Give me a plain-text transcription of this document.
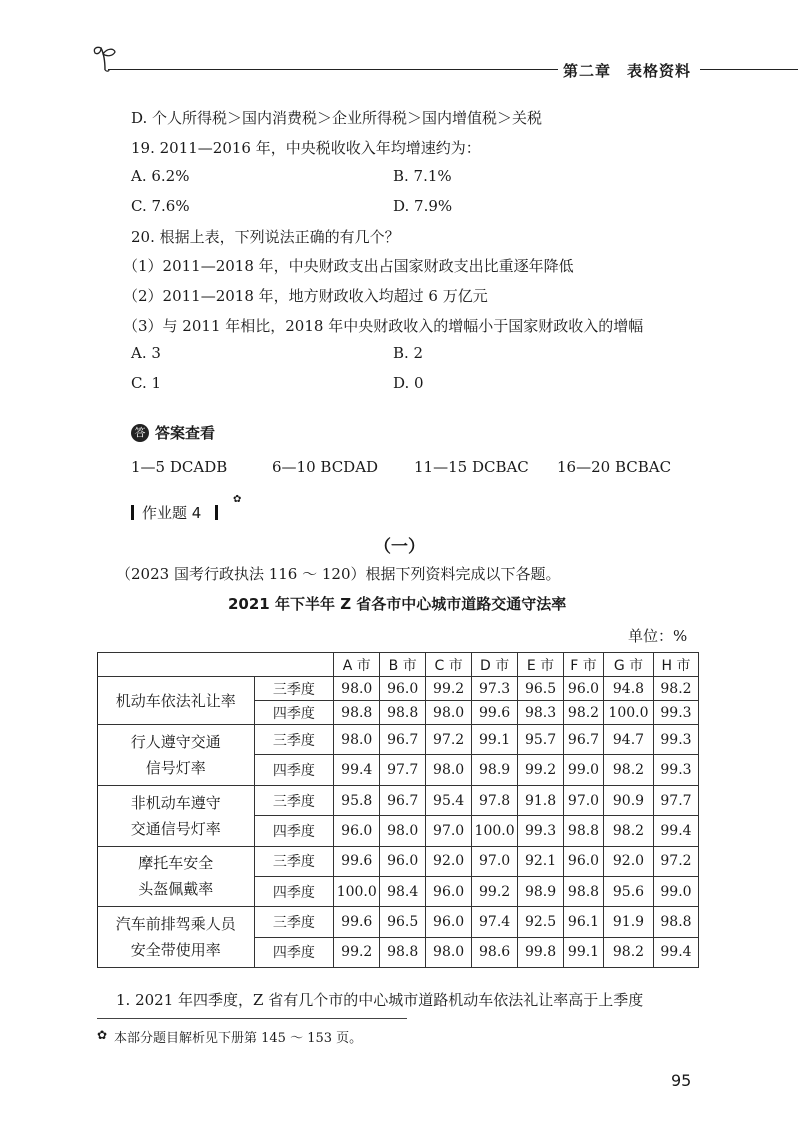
第二章　表格资料
D. 个人所得税＞国内消费税＞企业所得税＞国内增值税＞关税
19. 2011—2016 年，中央税收收入年均增速约为：
A. 6.2%	B. 7.1%
C. 7.6%	D. 7.9%
20. 根据上表，下列说法正确的有几个？
（1）2011—2018 年，中央财政支出占国家财政支出比重逐年降低
（2）2011—2018 年，地方财政收入均超过 6 万亿元
（3）与 2011 年相比，2018 年中央财政收入的增幅小于国家财政收入的增幅
A. 3	B. 2
C. 1	D. 0
答 答案查看
1—5 DCADB	6—10 BCDAD 11—15 DCBAC 16—20 BCBAC
作业题 4
✿
（一）
（2023 国考行政执法 116 ～ 120）根据下列资料完成以下各题。
2021 年下半年 Z 省各市中心城市道路交通守法率
单位：%
		A 市	B 市	C 市	D 市	E 市	F 市	G 市	H 市
机动车依法礼让率	三季度	98.0	96.0	99.2	97.3	96.5	96.0	94.8	98.2
	四季度	98.8	98.8	98.0	99.6	98.3	98.2	100.0	99.3
行人遵守交通
信号灯率	三季度	98.0	96.7	97.2	99.1	95.7	96.7	94.7	99.3
	四季度	99.4	97.7	98.0	98.9	99.2	99.0	98.2	99.3
非机动车遵守
交通信号灯率	三季度	95.8	96.7	95.4	97.8	91.8	97.0	90.9	97.7
	四季度	96.0	98.0	97.0	100.0	99.3	98.8	98.2	99.4
摩托车安全
头盔佩戴率	三季度	99.6	96.0	92.0	97.0	92.1	96.0	92.0	97.2
	四季度	100.0	98.4	96.0	99.2	98.9	98.8	95.6	99.0
汽车前排驾乘人员
安全带使用率	三季度	99.6	96.5	96.0	97.4	92.5	96.1	91.9	98.8
	四季度	99.2	98.8	98.0	98.6	99.8	99.1	98.2	99.4
1. 2021 年四季度，Z 省有几个市的中心城市道路机动车依法礼让率高于上季度
✿ 本部分题目解析见下册第 145 ～ 153 页。
95
